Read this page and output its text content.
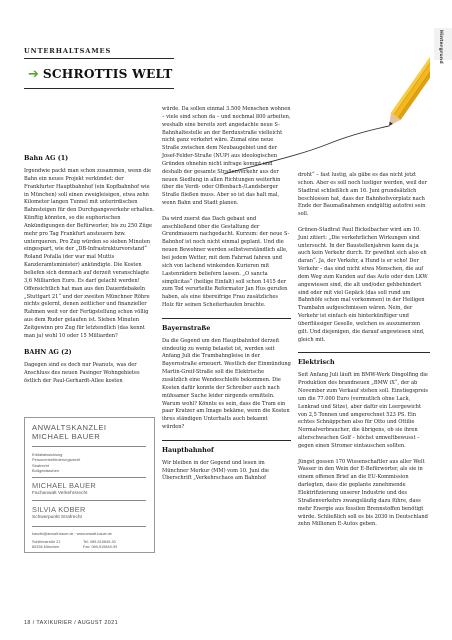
Hintergrund
UNTERHALTSAMES
➔ SCHROTTIS WELT
Bahn AG (1)

Irgendwie packt man schon zusammen, wenn die Bahn ein neues Projekt verkündet: der Frankfurter Hauptbahnhof (ein Kopfbahnhof wie in München) soll einen zweigleisigen, etwa zehn Kilometer langen Tunnel mit unterirdischen Bahnsteigen für den Durchgangsverkehr erhalten. Künftig könnten, so die euphorischen Ankündigungen der Befürworter, bis zu 250 Züge mehr pro Tag Frankfurt ansteuern bzw. unterqueren. Pro Zug würden so sieben Minuten eingespart, wie der „DB-Infrastrukturvorstand“ Roland Pofalla (der war mal Muttis Kanzleramtsminister) ankündigte. Die Kosten beliefen sich demnach auf derzeit veranschlagte 3,6 Milliarden Euro. Es darf gelacht werden! Offensichtlich hat man aus den Dauerdebakeln „Stuttgart 21“ und der zweiten Münchner Röhre nichts gelernt, denen zeitlicher und finanzieller Rahmen weit vor der Fertigstellung schon völlig aus dem Ruder gelaufen ist. Sieben Minuten Zeitgewinn pro Zug für letztendlich (das kennt man ja) wohl 10 oder 15 Milliarden?

BAHN AG (2)

Dagegen sind es doch nur Peanuts, was der Anschluss des neuen Pasinger Wohngebietes östlich der Paul-Gerhardt-Allee kosten

ANWALTSKANZLEI
MICHAEL BAUER
Erbfallabwicklung
Personenbeförderungsrecht
Strafrecht
Bußgeldsachen
MICHAEL BAUER
Fachanwalt Verkehrsrecht
SILVIA KOBER
Schwerpunkt Strafrecht
kanzlei@anwalt-bauer.de · www.anwalt-bauer.de
Schillerstraße 21
80336 München
Tel: 089-515849-30
Fax: 089-515849-99

würde. Da sollen einmal 3.500 Menschen wohnen – viele sind schon da – und nochmal 800 arbeiten, weshalb eine bereits zort angedachte neue S-Bahnhaltestelle an der Berduxstraße vielleicht nicht ganz verkehrt wäre. Zumal eine neue Straße zwischen dem Neubaugebiet und der Josef-Felder-Straße (NUP) aus ideologischen Gründen ohnehin nicht infrage kommt und deshalb der gesamte Straßenverkehr aus der neuen Siedlung in allen Richtungen weiterhin über die Verdi- oder Offenbach-/Landsberger Straße fließen muss. Aber so ist das halt mal, wenn Bahn und Stadt planen.

Da wird zuerst das Dach gebaut und anschließend über die Gestaltung der Grundmauern nachgedacht. Kurzum: der neue S-Bahnhof ist noch nicht einmal geplant. Und die neuen Bewohner werden selbstverständlich alle, bei jedem Wetter, mit dem Fahrrad fahren und sich von lachend winkenden Kurieren mit Lastenrädern beliefern lassen. „O sancta simplicitas“ (heilige Einfalt) soll schon 1415 der zum Tod verurteilte Reformator Jan Hus gerufen haben, als eine übereifrige Frau zusätzliches Holz für seinen Scheiterhaufen brachte.

Bayernstraße

Da die Gegend um den Hauptbahnhof derzeit eindeutig zu wenig belastet ist, werden seit Anfang Juli die Trambahngleise in der Bayernstraße erneuert. Westlich der Einmündung Martin-Greif-Straße soll die Elektrische zusätzlich eine Wendeschleife bekommen. Die Kosten dafür konnte der Schreiber auch nach mühsamer Suche leider nirgends ermitteln. Warum wohl? Könnte es sein, dass die Tram ein paar Kratzer am Image bekäme, wenn die Kosten ihres ständigen Unterhalts auch bekannt würden?

Hauptbahnhof

Wir bleiben in der Gegend und lesen im Münchner Merkur (MM) vom 10. Juni die Überschrift „Verkehrschaos am Bahnhof

droht“ – fast lustig, als gäbe es das nicht jetzt schon. Aber es soll noch lustiger werden, weil der Stadtrat schließlich am 16. Juni grundsätzlich beschlossen hat, dass der Bahnhofsvorplatz nach Ende der Baumaßnahmen endgültig autofrei sein soll.

Grünen-Stadtrat Paul Bickelbacher wird am 10. Juni zitiert: „Die verkehrlichen Wirkungen sind untersucht. In der Baustellenjahren kann da ja auch kein Verkehr durch. Er gewöhnt sich also eh daran“. Ja, der Verkehr, a Hund is er scho! Der Verkehr – das sind nicht etwa Menschen, die auf dem Weg zum Kunden auf das Auto oder den LKW angewiesen sind, die alt und/oder gehbehindert sind oder mit viel Gepäck (das soll rund um Bahnhöfe schon mal vorkommen) in der Heiligen Trambahn aufgeschmissen wären. Nein, der Verkehr ist einfach ein hinterkünftiger und überflüssiger Geselle, welchen es auszumerzen gilt. Und diejenigen, die darauf angewiesen sind, gleich mit.

Elektrisch

Seit Anfang Juli läuft im BMW-Werk Dingolfing die Produktion des brandneuen „BMW iX“, der ab November zum Verkauf stehen soll. Einstiegspreis um die 77.000 Euro (vermutlich ohne Lack, Lenkrad und Sitze), aber dafür ein Leergewicht von 2,5 Tonnen und umgerechnet 523 PS. Ein echtes Schnäppchen also für Otto und Ottilie Normalverbraucher, die übrigens, ob sie ihren alterschwachen Golf – höchst umweltbewusst – gegen einen Stromer eintauschen sollten.

Jüngst gossen 170 Wissenschaftler aus aller Welt Wasser in den Wein der E-Befürworter, als sie in einem offenen Brief an die EU-Kommission darlegten, dass die geplante zunehmende Elektrifizierung unserer Industrie und des Straßenverkehrs zwangsläufig dazu führe, dass mehr Energie aus fossilen Brennstoffen benötigt würde. Schließlich soll es bis 2030 in Deutschland zehn Millionen E-Autos geben.

18 / TAXIKURIER / AUGUST 2021
